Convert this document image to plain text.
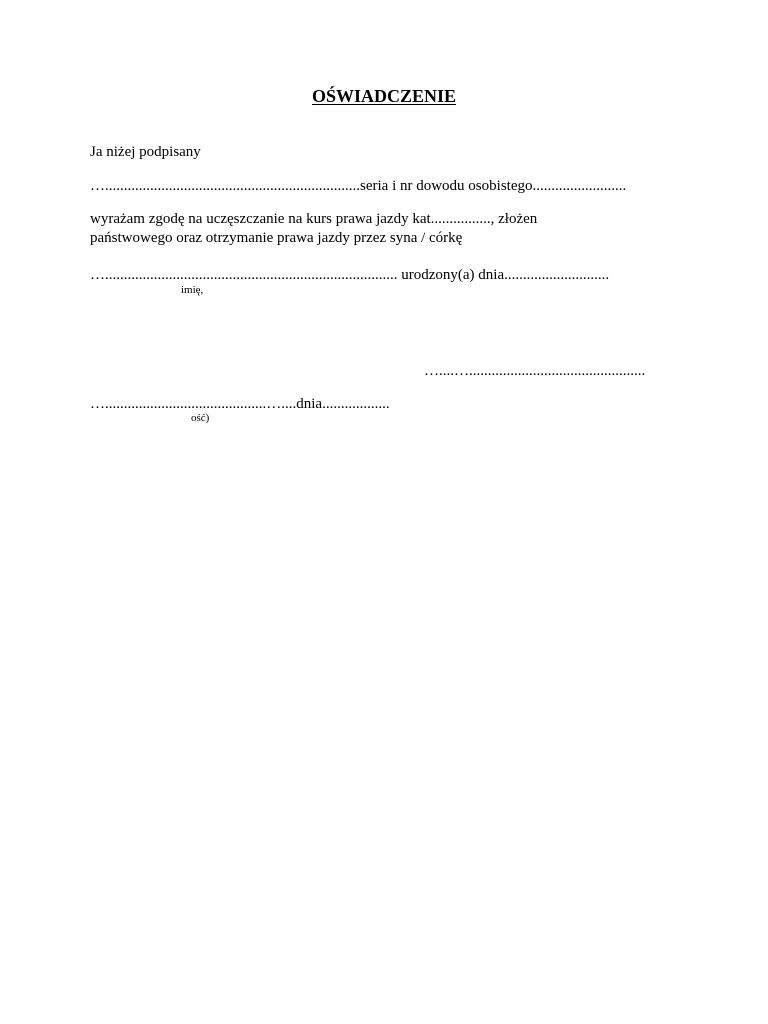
OŚWIADCZENIE
Ja niżej podpisany
…....................................................................seria i nr dowodu osobistego.........................
wyrażam zgodę na uczęszczanie na kurs prawa jazdy kat................, złożen
państwowego oraz otrzymanie prawa jazdy przez syna / córkę
….............................................................................. urodzony(a) dnia............................
imię,
…....…...............................................
…...........................................…....dnia..................
ość)
